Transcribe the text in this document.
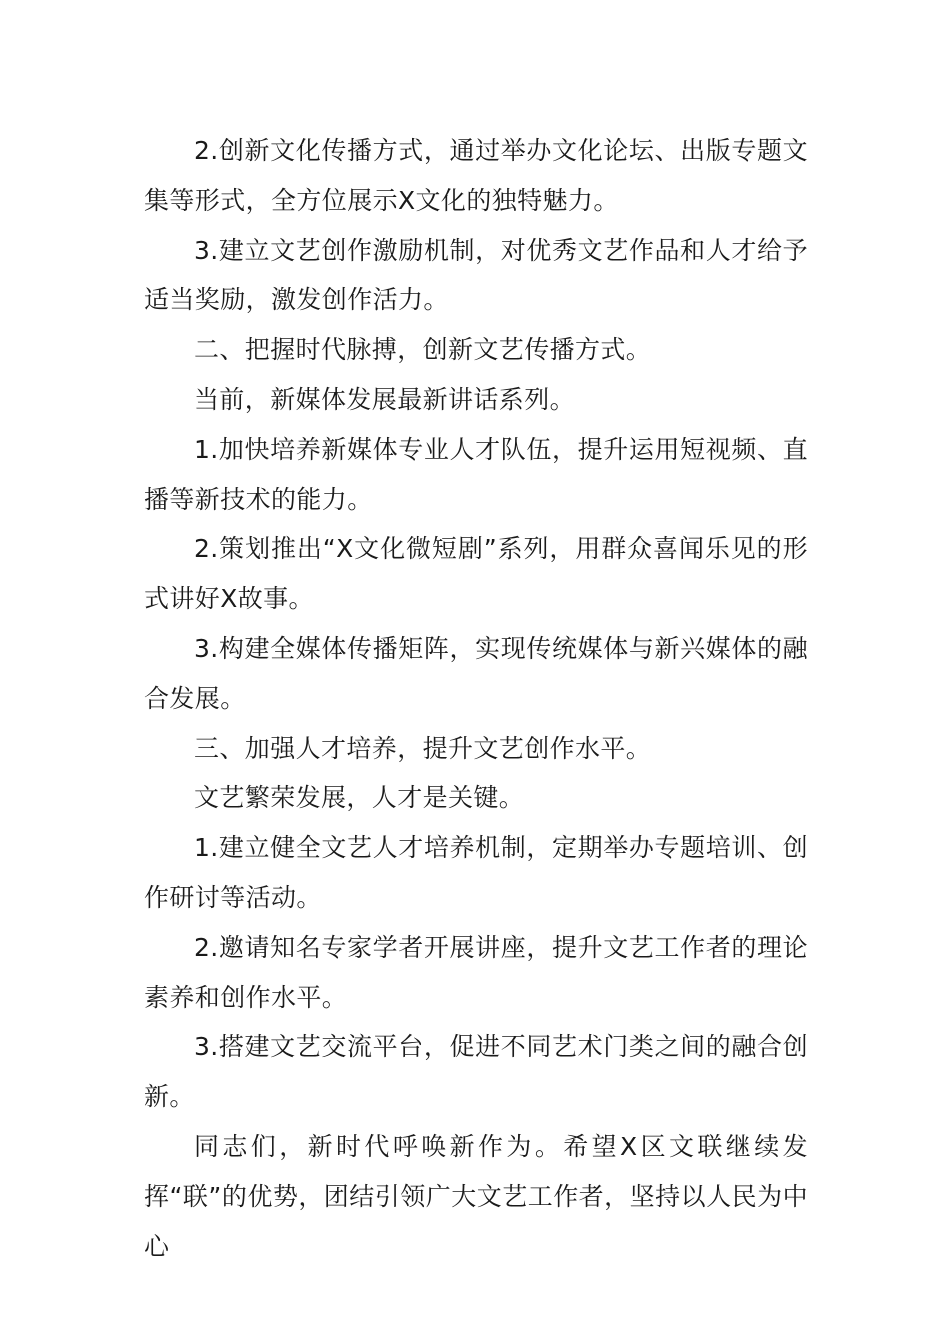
2.创新文化传播方式，通过举办文化论坛、出版专题文集等形式，全方位展示X文化的独特魅力。

3.建立文艺创作激励机制，对优秀文艺作品和人才给予适当奖励，激发创作活力。

二、把握时代脉搏，创新文艺传播方式。

当前，新媒体发展最新讲话系列。

1.加快培养新媒体专业人才队伍，提升运用短视频、直播等新技术的能力。

2.策划推出“X文化微短剧”系列，用群众喜闻乐见的形式讲好X故事。

3.构建全媒体传播矩阵，实现传统媒体与新兴媒体的融合发展。

三、加强人才培养，提升文艺创作水平。

文艺繁荣发展，人才是关键。

1.建立健全文艺人才培养机制，定期举办专题培训、创作研讨等活动。

2.邀请知名专家学者开展讲座，提升文艺工作者的理论素养和创作水平。

3.搭建文艺交流平台，促进不同艺术门类之间的融合创新。

同志们，新时代呼唤新作为。希望X区文联继续发挥“联”的优势，团结引领广大文艺工作者，坚持以人民为中心
